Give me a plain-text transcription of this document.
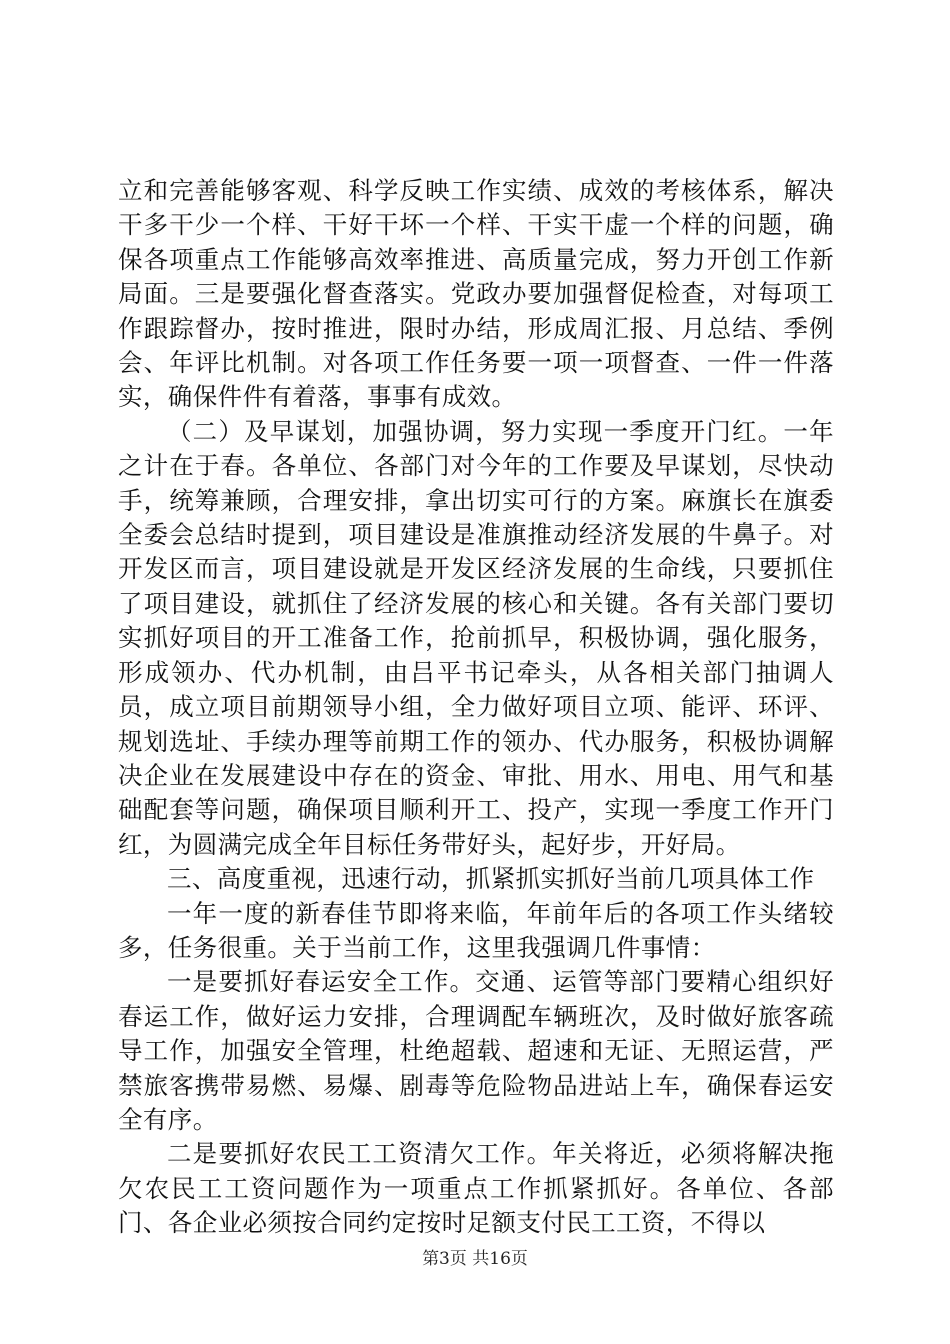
立和完善能够客观、科学反映工作实绩、成效的考核体系，解决干多干少一个样、干好干坏一个样、干实干虚一个样的问题，确保各项重点工作能够高效率推进、高质量完成，努力开创工作新局面。三是要强化督查落实。党政办要加强督促检查，对每项工作跟踪督办，按时推进，限时办结，形成周汇报、月总结、季例会、年评比机制。对各项工作任务要一项一项督查、一件一件落实，确保件件有着落，事事有成效。

（二）及早谋划，加强协调，努力实现一季度开门红。一年之计在于春。各单位、各部门对今年的工作要及早谋划，尽快动手，统筹兼顾，合理安排，拿出切实可行的方案。麻旗长在旗委全委会总结时提到，项目建设是准旗推动经济发展的牛鼻子。对开发区而言，项目建设就是开发区经济发展的生命线，只要抓住了项目建设，就抓住了经济发展的核心和关键。各有关部门要切实抓好项目的开工准备工作，抢前抓早，积极协调，强化服务，形成领办、代办机制，由吕平书记牵头，从各相关部门抽调人员，成立项目前期领导小组，全力做好项目立项、能评、环评、规划选址、手续办理等前期工作的领办、代办服务，积极协调解决企业在发展建设中存在的资金、审批、用水、用电、用气和基础配套等问题，确保项目顺利开工、投产，实现一季度工作开门红，为圆满完成全年目标任务带好头，起好步，开好局。

三、高度重视，迅速行动，抓紧抓实抓好当前几项具体工作

一年一度的新春佳节即将来临，年前年后的各项工作头绪较多，任务很重。关于当前工作，这里我强调几件事情：

一是要抓好春运安全工作。交通、运管等部门要精心组织好春运工作，做好运力安排，合理调配车辆班次，及时做好旅客疏导工作，加强安全管理，杜绝超载、超速和无证、无照运营，严禁旅客携带易燃、易爆、剧毒等危险物品进站上车，确保春运安全有序。

二是要抓好农民工工资清欠工作。年关将近，必须将解决拖欠农民工工资问题作为一项重点工作抓紧抓好。各单位、各部门、各企业必须按合同约定按时足额支付民工工资，不得以

第3页 共16页
